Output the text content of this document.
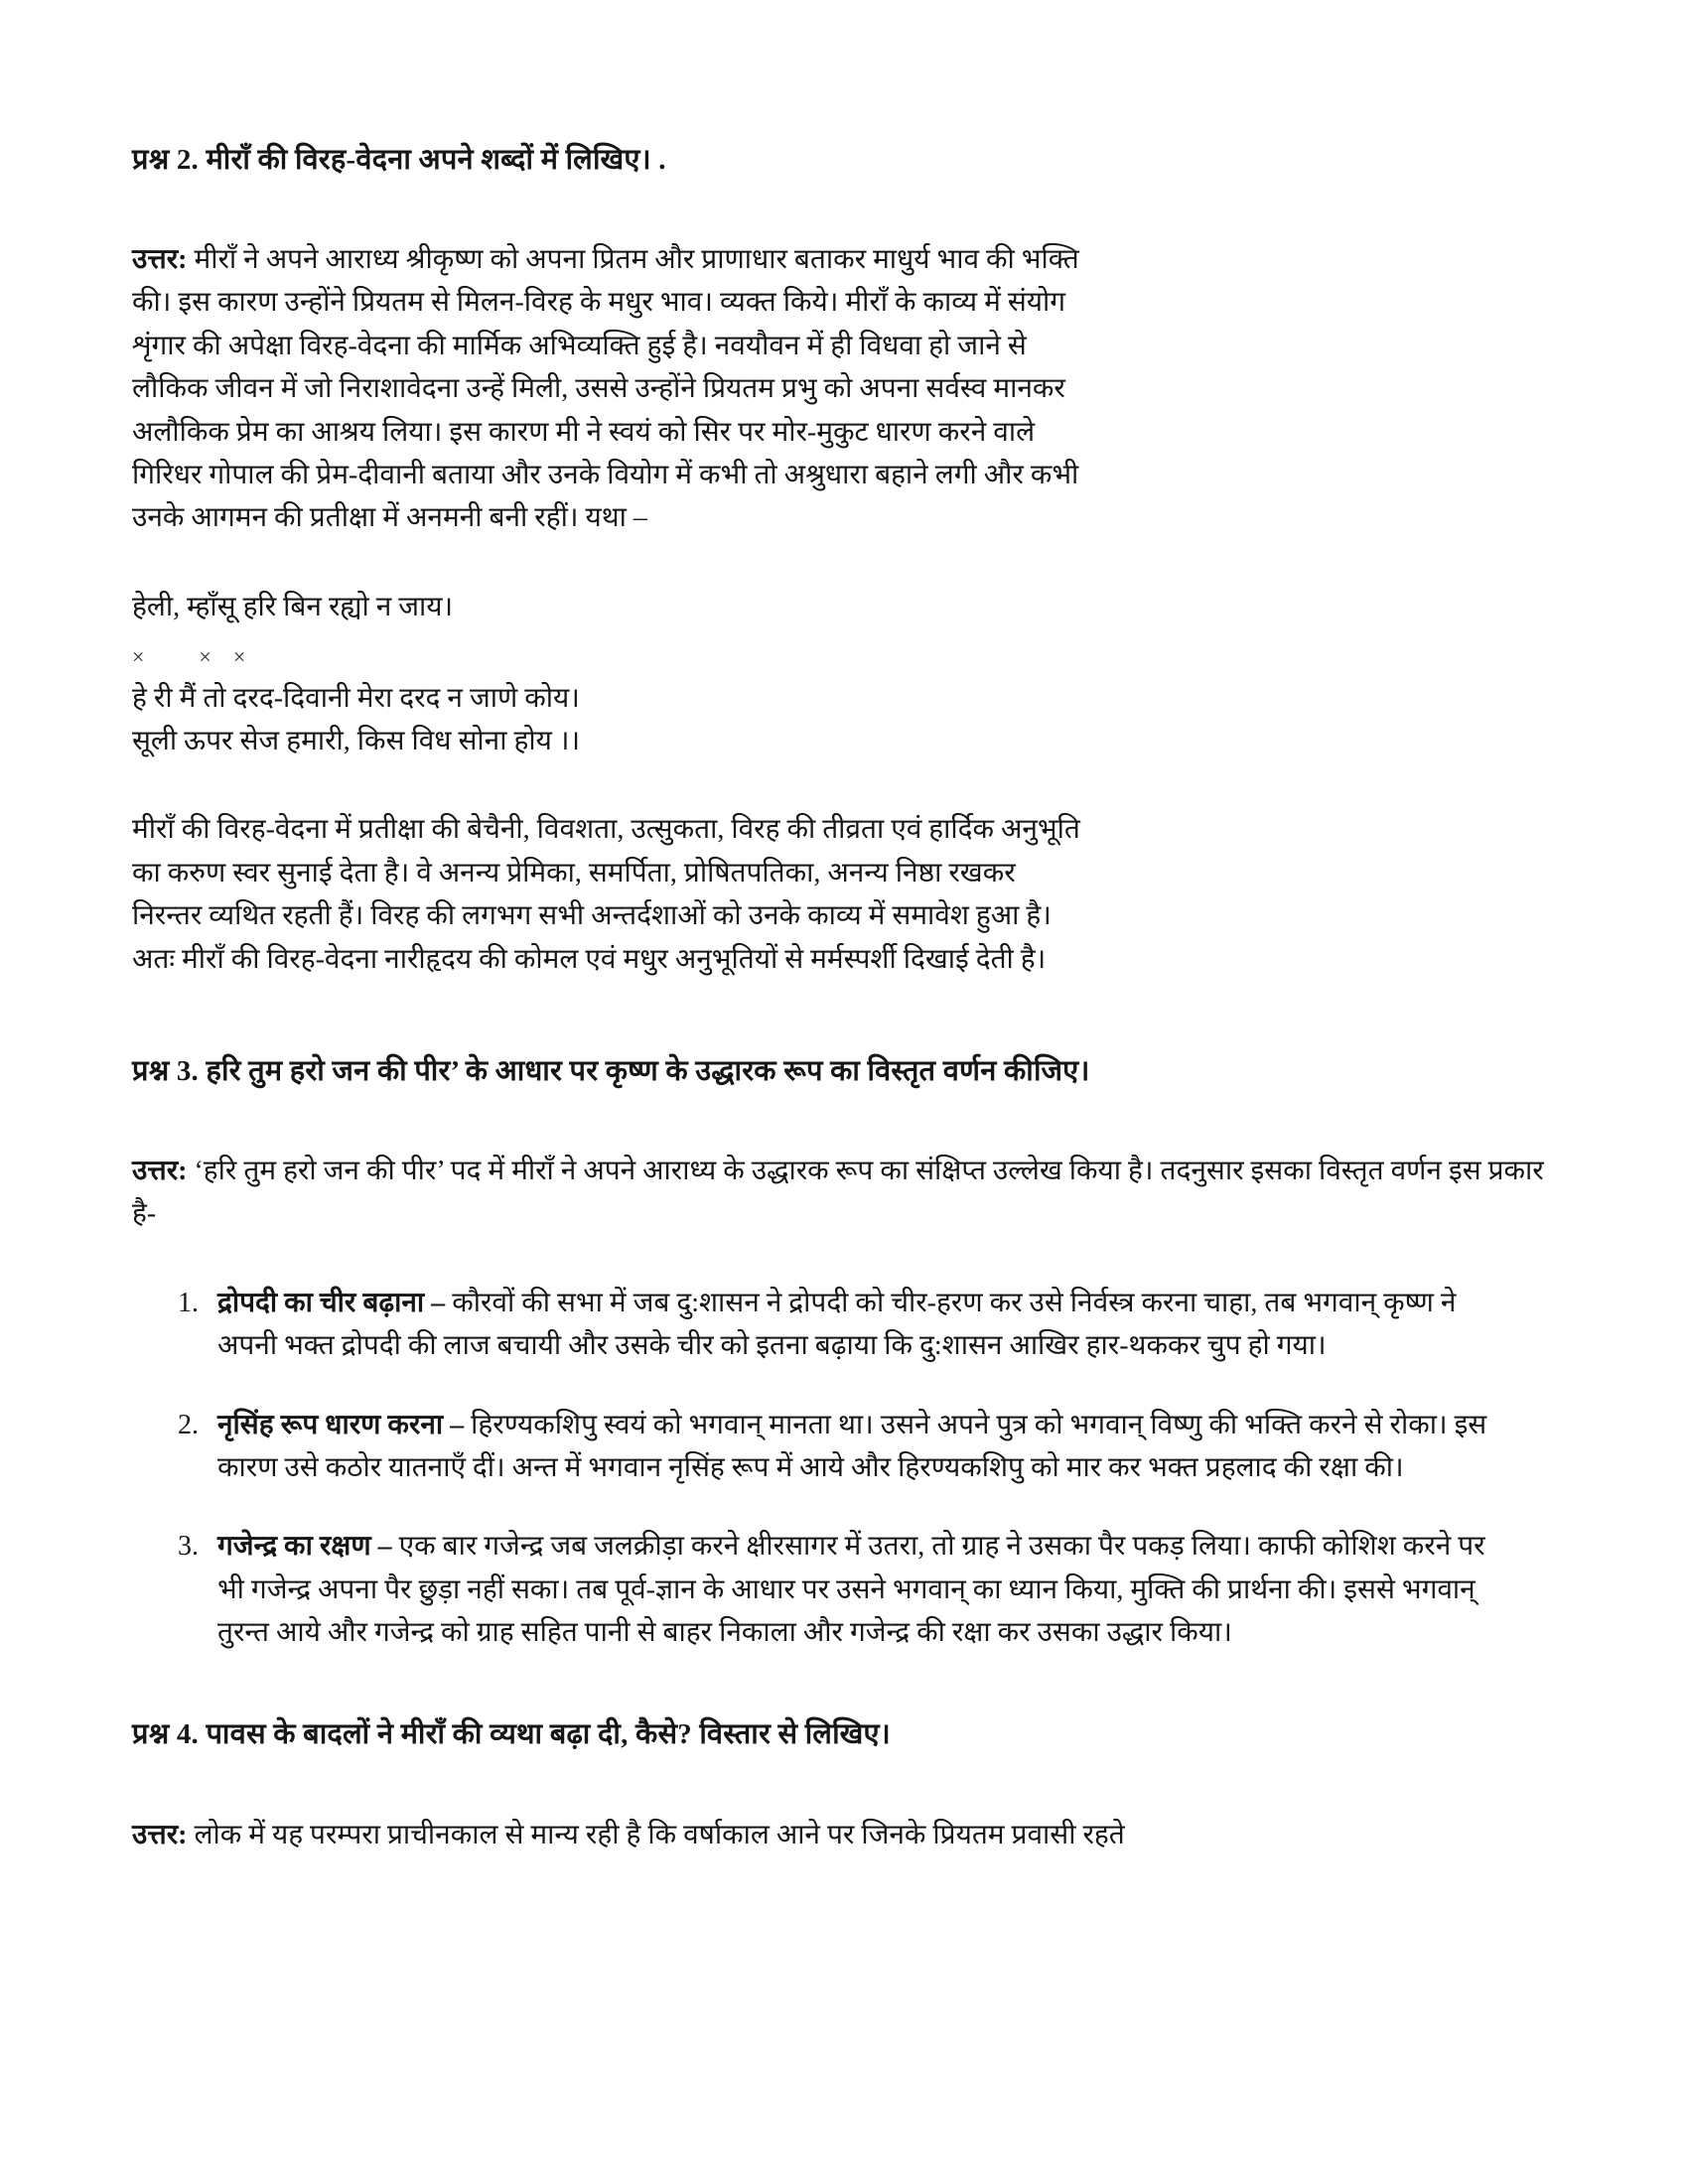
प्रश्न 2. मीराँ की विरह-वेदना अपने शब्दों में लिखिए। .

उत्तर: मीराँ ने अपने आराध्य श्रीकृष्ण को अपना प्रितम और प्राणाधार बताकर माधुर्य भाव की भक्ति की। इस कारण उन्होंने प्रियतम से मिलन-विरह के मधुर भाव। व्यक्त किये। मीराँ के काव्य में संयोग शृंगार की अपेक्षा विरह-वेदना की मार्मिक अभिव्यक्ति हुई है। नवयौवन में ही विधवा हो जाने से लौकिक जीवन में जो निराशावेदना उन्हें मिली, उससे उन्होंने प्रियतम प्रभु को अपना सर्वस्व मानकर अलौकिक प्रेम का आश्रय लिया। इस कारण मी ने स्वयं को सिर पर मोर-मुकुट धारण करने वाले गिरिधर गोपाल की प्रेम-दीवानी बताया और उनके वियोग में कभी तो अश्रुधारा बहाने लगी और कभी उनके आगमन की प्रतीक्षा में अनमनी बनी रहीं। यथा –

हेली, म्हाँसू हरि बिन रह्यो न जाय।

×          ×    ×

हे री मैं तो दरद-दिवानी मेरा दरद न जाणे कोय।

सूली ऊपर सेज हमारी, किस विध सोना होय ।।

मीराँ की विरह-वेदना में प्रतीक्षा की बेचैनी, विवशता, उत्सुकता, विरह की तीव्रता एवं हार्दिक अनुभूति का करुण स्वर सुनाई देता है। वे अनन्य प्रेमिका, समर्पिता, प्रोषितपतिका, अनन्य निष्ठा रखकर निरन्तर व्यथित रहती हैं। विरह की लगभग सभी अन्तर्दशाओं को उनके काव्य में समावेश हुआ है। अतः मीराँ की विरह-वेदना नारीहृदय की कोमल एवं मधुर अनुभूतियों से मर्मस्पर्शी दिखाई देती है।

प्रश्न 3. हरि तुम हरो जन की पीर’ के आधार पर कृष्ण के उद्धारक रूप का विस्तृत वर्णन कीजिए।

उत्तर: ‘हरि तुम हरो जन की पीर’ पद में मीराँ ने अपने आराध्य के उद्धारक रूप का संक्षिप्त उल्लेख किया है। तदनुसार इसका विस्तृत वर्णन इस प्रकार है-

1. द्रोपदी का चीर बढ़ाना – कौरवों की सभा में जब दु:शासन ने द्रोपदी को चीर-हरण कर उसे निर्वस्त्र करना चाहा, तब भगवान् कृष्ण ने अपनी भक्त द्रोपदी की लाज बचायी और उसके चीर को इतना बढ़ाया कि दु:शासन आखिर हार-थककर चुप हो गया।
2. नृसिंह रूप धारण करना – हिरण्यकशिपु स्वयं को भगवान् मानता था। उसने अपने पुत्र को भगवान् विष्णु की भक्ति करने से रोका। इस कारण उसे कठोर यातनाएँ दीं। अन्त में भगवान नृसिंह रूप में आये और हिरण्यकशिपु को मार कर भक्त प्रहलाद की रक्षा की।
3. गजेन्द्र का रक्षण – एक बार गजेन्द्र जब जलक्रीड़ा करने क्षीरसागर में उतरा, तो ग्राह ने उसका पैर पकड़ लिया। काफी कोशिश करने पर भी गजेन्द्र अपना पैर छुड़ा नहीं सका। तब पूर्व-ज्ञान के आधार पर उसने भगवान् का ध्यान किया, मुक्ति की प्रार्थना की। इससे भगवान् तुरन्त आये और गजेन्द्र को ग्राह सहित पानी से बाहर निकाला और गजेन्द्र की रक्षा कर उसका उद्धार किया।
प्रश्न 4. पावस के बादलों ने मीराँ की व्यथा बढ़ा दी, कैसे? विस्तार से लिखिए।

उत्तर: लोक में यह परम्परा प्राचीनकाल से मान्य रही है कि वर्षाकाल आने पर जिनके प्रियतम प्रवासी रहते
